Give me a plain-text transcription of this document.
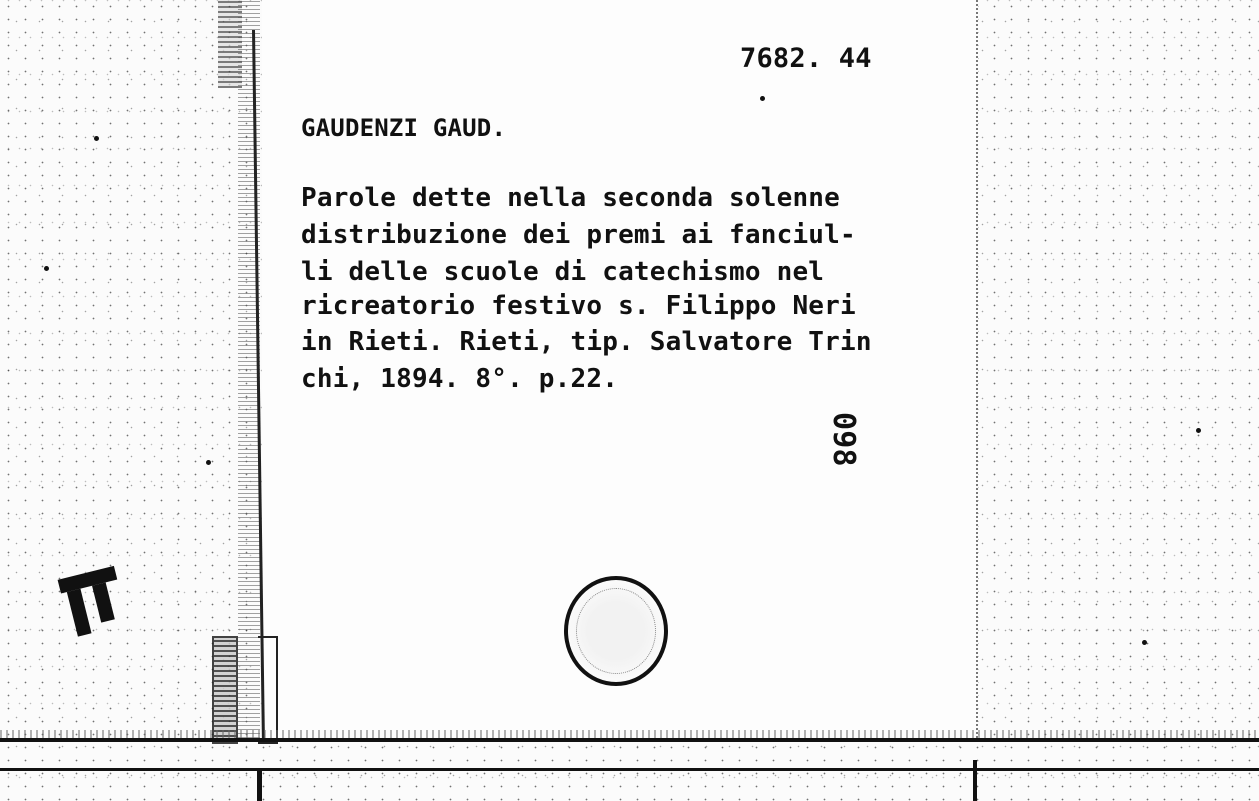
7682. 44
GAUDENZI GAUD.
Parole dette nella seconda solenne
distribuzione dei premi ai fanciul-
li delle scuole di catechismo nel
ricreatorio festivo s. Filippo Neri
in Rieti. Rieti, tip. Salvatore Trin
chi, 1894. 8°. p.22.
098
